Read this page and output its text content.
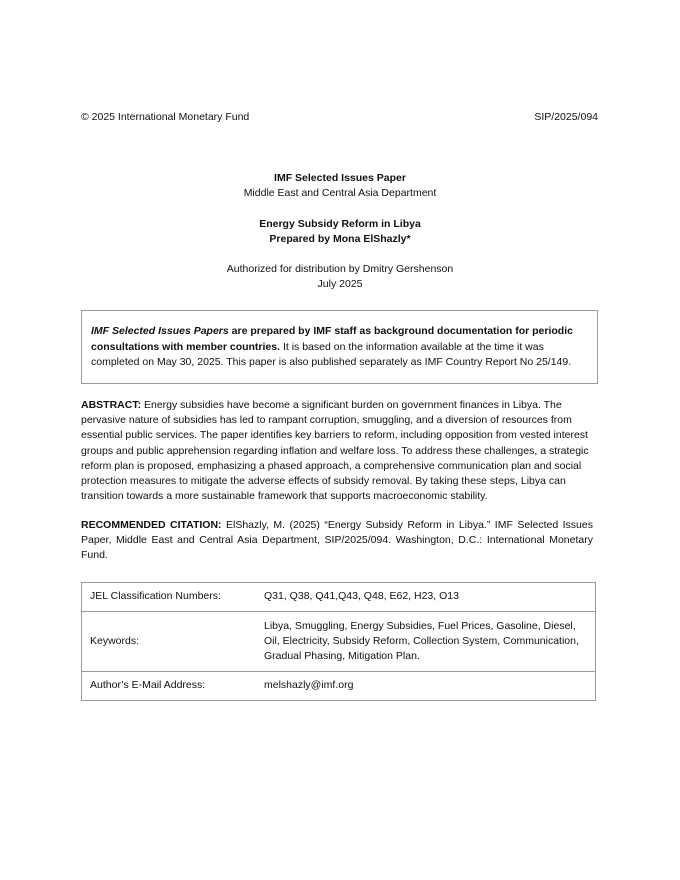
© 2025 International Monetary Fund	SIP/2025/094
IMF Selected Issues Paper
Middle East and Central Asia Department
Energy Subsidy Reform in Libya
Prepared by Mona ElShazly*
Authorized for distribution by Dmitry Gershenson
July 2025
IMF Selected Issues Papers are prepared by IMF staff as background documentation for periodic consultations with member countries. It is based on the information available at the time it was completed on May 30, 2025. This paper is also published separately as IMF Country Report No 25/149.
ABSTRACT: Energy subsidies have become a significant burden on government finances in Libya. The pervasive nature of subsidies has led to rampant corruption, smuggling, and a diversion of resources from essential public services. The paper identifies key barriers to reform, including opposition from vested interest groups and public apprehension regarding inflation and welfare loss. To address these challenges, a strategic reform plan is proposed, emphasizing a phased approach, a comprehensive communication plan and social protection measures to mitigate the adverse effects of subsidy removal. By taking these steps, Libya can transition towards a more sustainable framework that supports macroeconomic stability.
RECOMMENDED CITATION: ElShazly, M. (2025) “Energy Subsidy Reform in Libya.” IMF Selected Issues Paper, Middle East and Central Asia Department, SIP/2025/094. Washington, D.C.: International Monetary Fund.
JEL Classification Numbers:	Q31, Q38, Q41,Q43, Q48, E62, H23, O13
Keywords:	Libya, Smuggling, Energy Subsidies, Fuel Prices, Gasoline, Diesel, Oil, Electricity, Subsidy Reform, Collection System, Communication, Gradual Phasing, Mitigation Plan.
Author’s E-Mail Address:	melshazly@imf.org
